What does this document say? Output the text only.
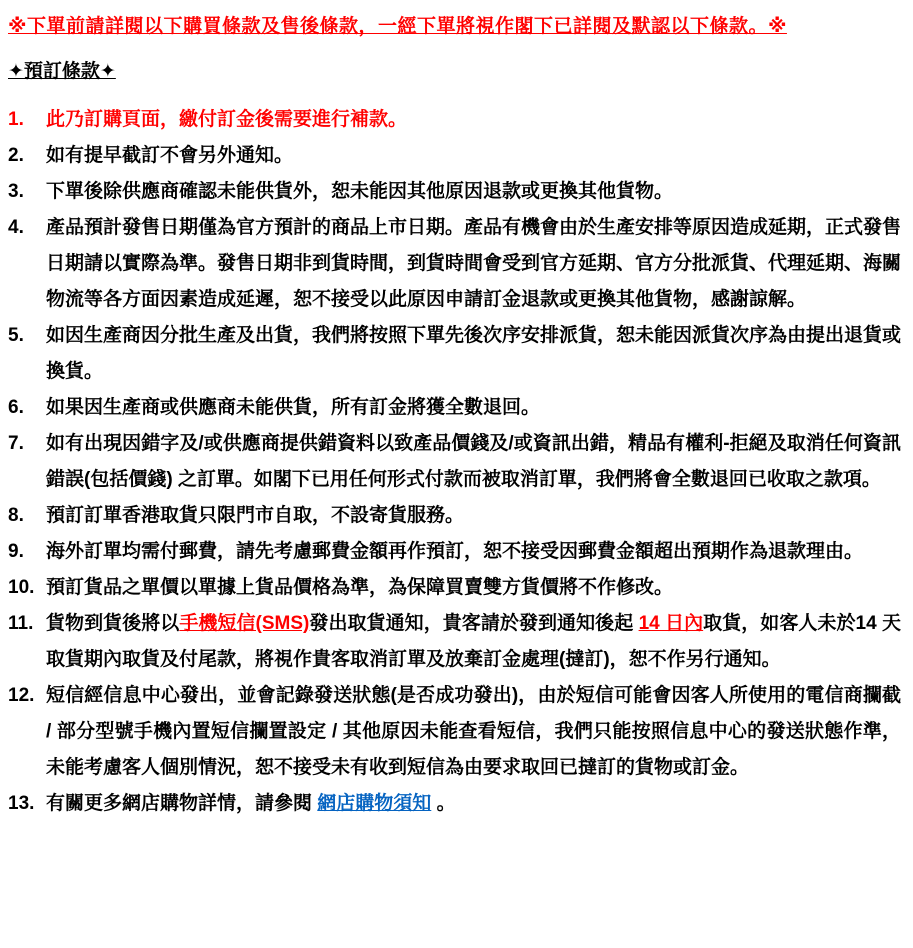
※下單前請詳閱以下購買條款及售後條款，一經下單將視作閣下已詳閱及默認以下條款。※
✦預訂條款✦
1.	此乃訂購頁面，繳付訂金後需要進行補款。
2.	如有提早截訂不會另外通知。
3.	下單後除供應商確認未能供貨外，恕未能因其他原因退款或更換其他貨物。
4.	產品預計發售日期僅為官方預計的商品上市日期。產品有機會由於生產安排等原因造成延期，正式發售日期請以實際為準。發售日期非到貨時間，到貨時間會受到官方延期、官方分批派貨、代理延期、海關物流等各方面因素造成延遲，恕不接受以此原因申請訂金退款或更換其他貨物，感謝諒解。
5.	如因生產商因分批生產及出貨，我們將按照下單先後次序安排派貨，恕未能因派貨次序為由提出退貨或換貨。
6.	如果因生產商或供應商未能供貨，所有訂金將獲全數退回。
7.	如有出現因錯字及/或供應商提供錯資料以致產品價錢及/或資訊出錯，精品有權利-拒絕及取消任何資訊錯誤(包括價錢) 之訂單。如閣下已用任何形式付款而被取消訂單，我們將會全數退回已收取之款項。
8.	預訂訂單香港取貨只限門市自取，不設寄貨服務。
9.	海外訂單均需付郵費，請先考慮郵費金額再作預訂，恕不接受因郵費金額超出預期作為退款理由。
10. 預訂貨品之單價以單據上貨品價格為準，為保障買賣雙方貨價將不作修改。
11. 貨物到貨後將以手機短信(SMS)發出取貨通知，貴客請於發到通知後起 14 日內取貨，如客人未於14 天取貨期內取貨及付尾款，將視作貴客取消訂單及放棄訂金處理(撻訂)，恕不作另行通知。
12. 短信經信息中心發出，並會記錄發送狀態(是否成功發出)，由於短信可能會因客人所使用的電信商攔截 / 部分型號手機內置短信攔置設定 / 其他原因未能查看短信，我們只能按照信息中心的發送狀態作準，未能考慮客人個別情況，恕不接受未有收到短信為由要求取回已撻訂的貨物或訂金。
13. 有關更多網店購物詳情，請參閱 網店購物須知 。
